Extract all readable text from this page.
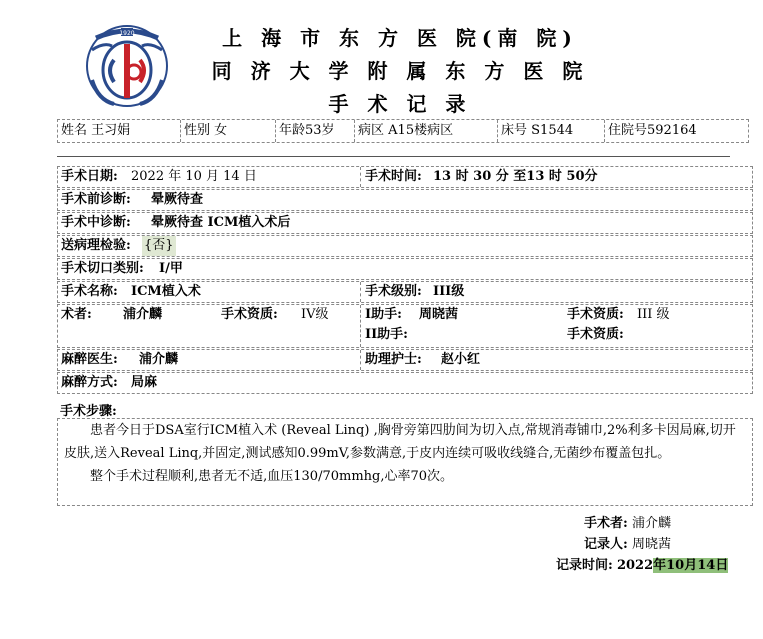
1920	上 海 市 东 方 医 院(南 院)
同 济 大 学 附 属 东 方 医 院
手 术 记 录
姓名 王习娟	性别 女	年龄53岁	病区 A15楼病区	床号 S1544	住院号592164
手术日期: 2022 年 10 月 14 日	手术时间: 13 时 30 分 至13 时 50分
手术前诊断: 晕厥待查
手术中诊断: 晕厥待查 ICM植入术后
送病理检验: {否}
手术切口类别: I/甲
手术名称: ICM植入术	手术级别: III级
术者: 浦介麟	手术资质: IV级	I助手: 周晓茜	手术资质: III 级
II助手:	手术资质:
麻醉医生: 浦介麟	助理护士: 赵小红
麻醉方式: 局麻
手术步骤:

患者今日于DSA室行ICM植入术 (Reveal Linq) ,胸骨旁第四肋间为切入点,常规消毒铺巾,2%利多卡因局麻,切开皮肤,送入Reveal Linq,并固定,测试感知0.99mV,参数满意,于皮内连续可吸收线缝合,无菌纱布覆盖包扎。

整个手术过程顺利,患者无不适,血压130/70mmhg,心率70次。

手术者: 浦介麟
记录人: 周晓茜
记录时间: 2022年10月14日
